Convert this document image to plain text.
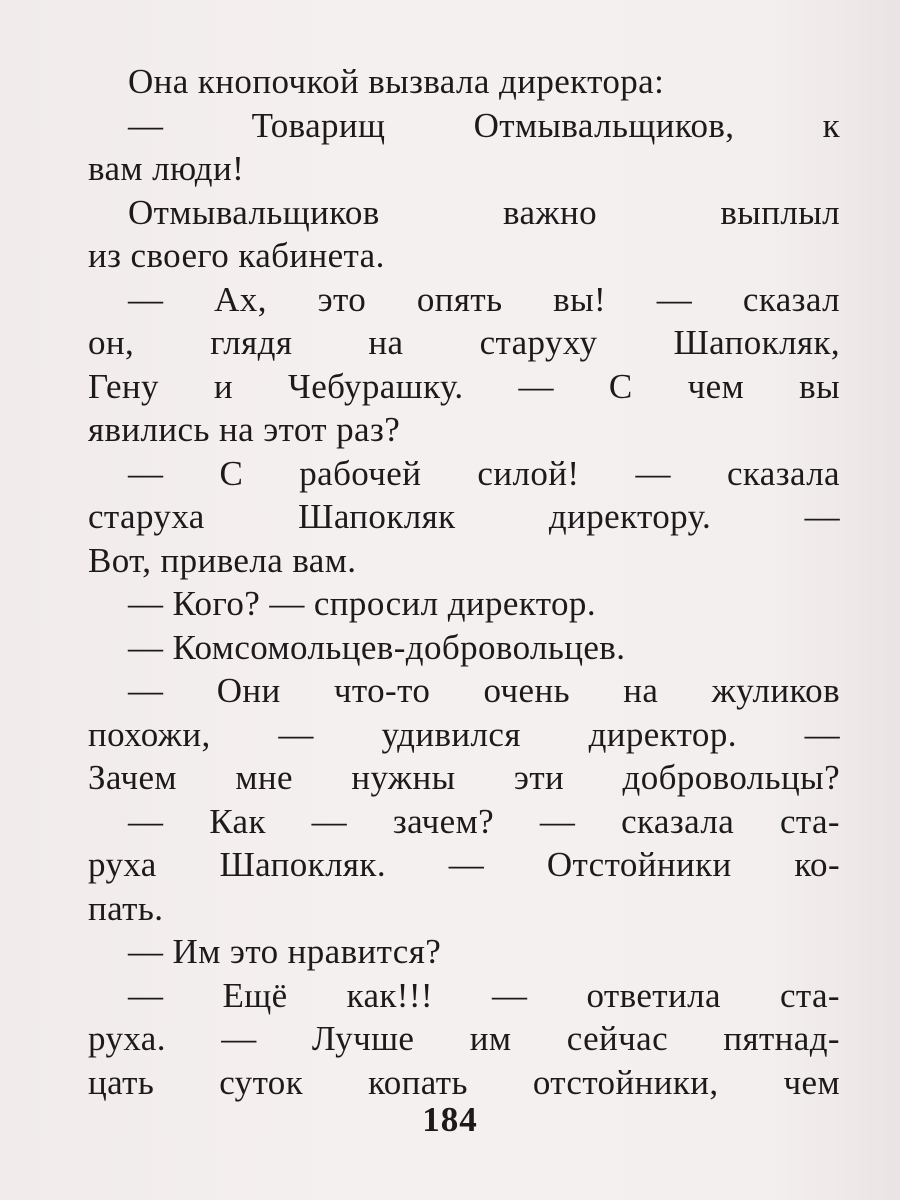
Она кнопочкой вызвала директора:
— Товарищ Отмывальщиков, к
вам люди!
Отмывальщиков важно выплыл
из своего кабинета.
— Ах, это опять вы! — сказал
он, глядя на старуху Шапокляк,
Гену и Чебурашку. — С чем вы
явились на этот раз?
— С рабочей силой! — сказала
старуха Шапокляк директору. —
Вот, привела вам.
— Кого? — спросил директор.
— Комсомольцев-добровольцев.
— Они что-то очень на жуликов
похожи, — удивился директор. —
Зачем мне нужны эти добровольцы?
— Как — зачем? — сказала ста-
руха Шапокляк. — Отстойники ко-
пать.
— Им это нравится?
— Ещё как!!! — ответила ста-
руха. — Лучше им сейчас пятнад-
цать суток копать отстойники, чем
184
